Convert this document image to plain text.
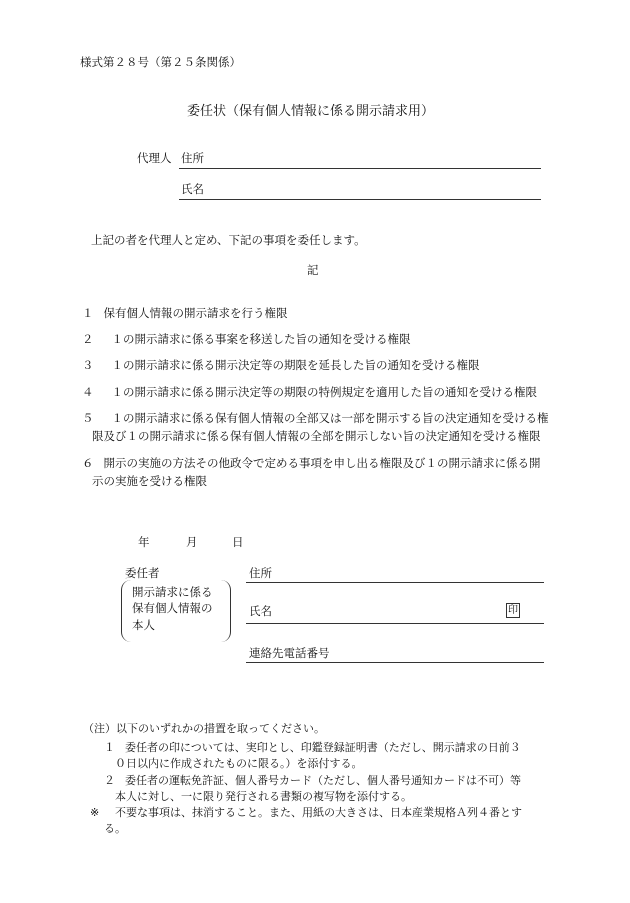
様式第２８号（第２５条関係）
委任状（保有個人情報に係る開示請求用）
代理人 住所
氏名
上記の者を代理人と定め、下記の事項を委任します。
記
１ 保有個人情報の開示請求を行う権限
２ １の開示請求に係る事案を移送した旨の通知を受ける権限
３ １の開示請求に係る開示決定等の期限を延長した旨の通知を受ける権限
４ １の開示請求に係る開示決定等の期限の特例規定を適用した旨の通知を受ける権限
５ １の開示請求に係る保有個人情報の全部又は一部を開示する旨の決定通知を受ける権
限及び１の開示請求に係る保有個人情報の全部を開示しない旨の決定通知を受ける権限
６ 開示の実施の方法その他政令で定める事項を申し出る権限及び１の開示請求に係る開
示の実施を受ける権限
年	月	日
委任者
開示請求に係る
保有個人情報の
本人
住所
氏名	印
連絡先電話番号
（注）以下のいずれかの措置を取ってください。
１ 委任者の印については、実印とし、印鑑登録証明書（ただし、開示請求の日前３
０日以内に作成されたものに限る。）を添付する。
２ 委任者の運転免許証、個人番号カード（ただし、個人番号通知カードは不可）等
本人に対し、一に限り発行される書類の複写物を添付する。
※ 不要な事項は、抹消すること。また、用紙の大きさは、日本産業規格Ａ列４番とす
る。
